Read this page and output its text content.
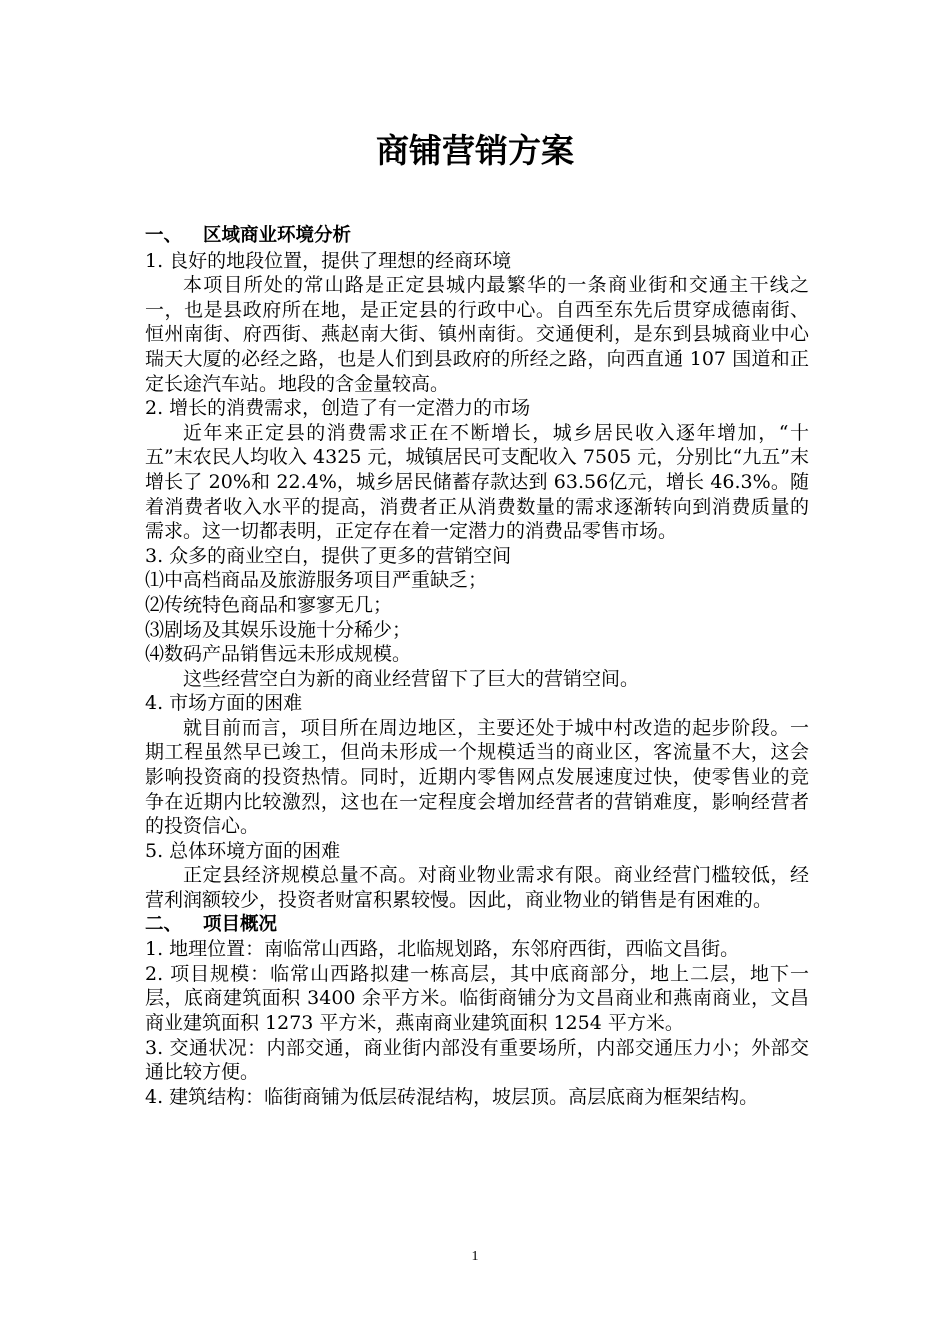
商铺营销方案
一、 区域商业环境分析
1. 良好的地段位置，提供了理想的经商环境

本项目所处的常山路是正定县城内最繁华的一条商业街和交通主干线之一，也是县政府所在地，是正定县的行政中心。自西至东先后贯穿成德南街、恒州南街、府西街、燕赵南大街、镇州南街。交通便利，是东到县城商业中心瑞天大厦的必经之路，也是人们到县政府的所经之路，向西直通 107 国道和正定长途汽车站。地段的含金量较高。

2. 增长的消费需求，创造了有一定潜力的市场

近年来正定县的消费需求正在不断增长，城乡居民收入逐年增加，“十五”末农民人均收入 4325 元，城镇居民可支配收入 7505 元，分别比“九五”末增长了 20%和 22.4%，城乡居民储蓄存款达到 63.56亿元，增长 46.3%。随着消费者收入水平的提高，消费者正从消费数量的需求逐渐转向到消费质量的需求。这一切都表明，正定存在着一定潜力的消费品零售市场。

3. 众多的商业空白，提供了更多的营销空间
⑴中高档商品及旅游服务项目严重缺乏；
⑵传统特色商品和寥寥无几；
⑶剧场及其娱乐设施十分稀少；
⑷数码产品销售远未形成规模。

这些经营空白为新的商业经营留下了巨大的营销空间。

4. 市场方面的困难

就目前而言，项目所在周边地区，主要还处于城中村改造的起步阶段。一期工程虽然早已竣工，但尚未形成一个规模适当的商业区，客流量不大，这会影响投资商的投资热情。同时，近期内零售网点发展速度过快，使零售业的竞争在近期内比较激烈，这也在一定程度会增加经营者的营销难度，影响经营者的投资信心。

5. 总体环境方面的困难

正定县经济规模总量不高。对商业物业需求有限。商业经营门槛较低，经营利润额较少，投资者财富积累较慢。因此，商业物业的销售是有困难的。

二、 项目概况

1. 地理位置：南临常山西路，北临规划路，东邻府西街，西临文昌街。

2. 项目规模：临常山西路拟建一栋高层，其中底商部分，地上二层，地下一层，底商建筑面积 3400 余平方米。临街商铺分为文昌商业和燕南商业，文昌商业建筑面积 1273 平方米，燕南商业建筑面积 1254 平方米。

3. 交通状况：内部交通，商业街内部没有重要场所，内部交通压力小；外部交通比较方便。

4. 建筑结构：临街商铺为低层砖混结构，坡层顶。高层底商为框架结构。

1
